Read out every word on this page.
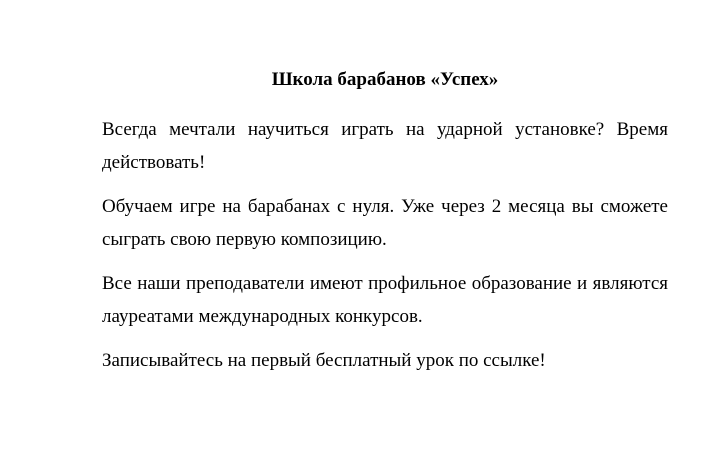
Школа барабанов «Успех»

Всегда мечтали научиться играть на ударной установке? Время действовать!

Обучаем игре на барабанах с нуля. Уже через 2 месяца вы сможете сыграть свою первую композицию.

Все наши преподаватели имеют профильное образование и являются лауреатами международных конкурсов.

Записывайтесь на первый бесплатный урок по ссылке!
